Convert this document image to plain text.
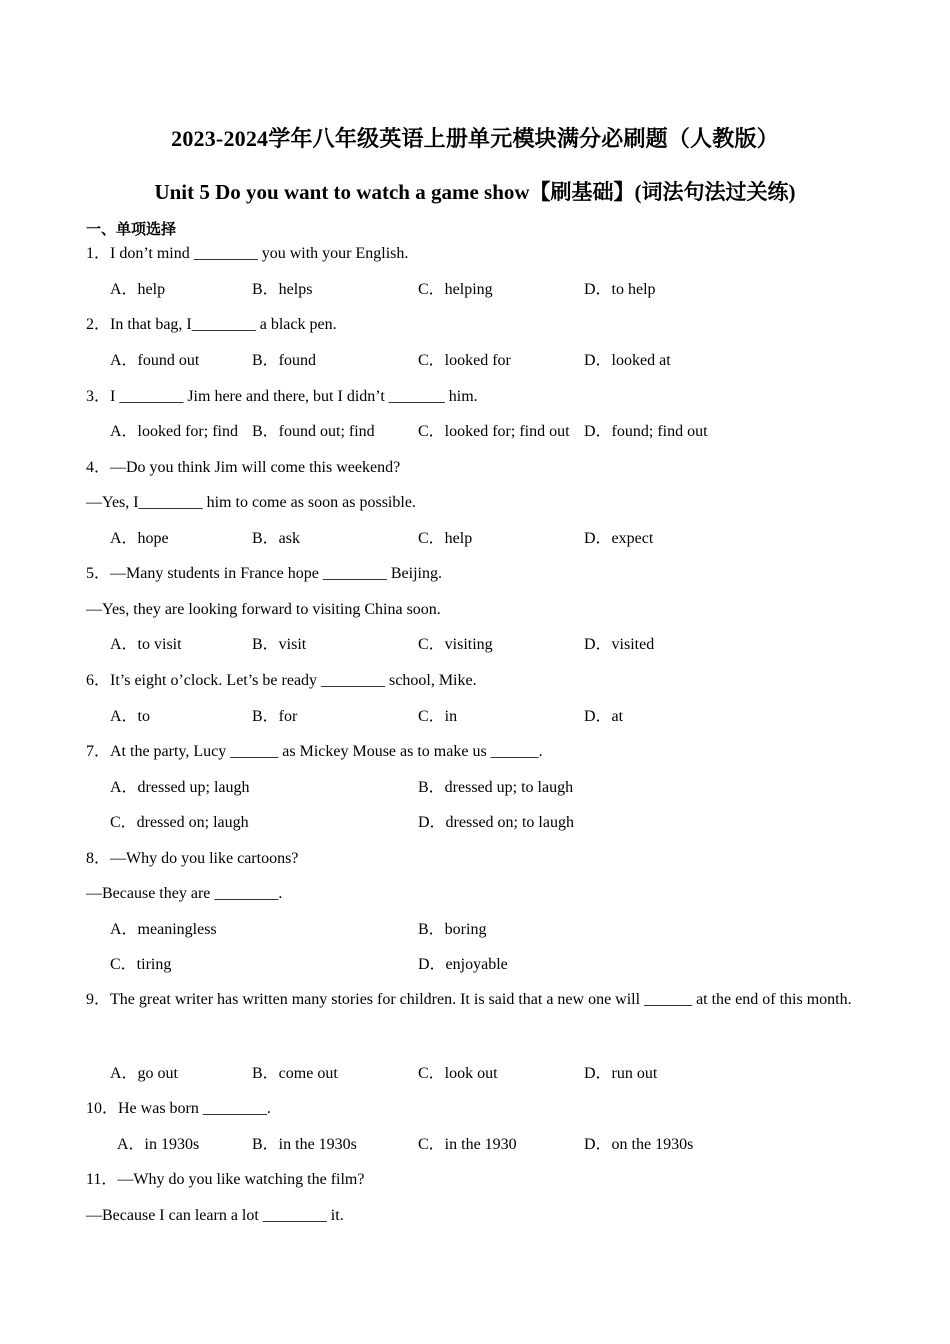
2023-2024学年八年级英语上册单元模块满分必刷题（人教版）
Unit 5 Do you want to watch a game show【刷基础】(词法句法过关练)
一、单项选择
1．I don’t mind ________ you with your English.
A．help	B．helps	C．helping	D．to help
2．In that bag, I________ a black pen.
A．found out	B．found	C．looked for	D．looked at
3．I ________ Jim here and there, but I didn’t _______ him.
A．looked for; find B．found out; find	C．looked for; find out D．found; find out
4．—Do you think Jim will come this weekend?
—Yes, I________ him to come as soon as possible.
A．hope	B．ask	C．help	D．expect
5．—Many students in France hope ________ Beijing.
—Yes, they are looking forward to visiting China soon.
A．to visit	B．visit	C．visiting	D．visited
6．It’s eight o’clock. Let’s be ready ________ school, Mike.
A．to	B．for	C．in	D．at
7．At the party, Lucy ______ as Mickey Mouse as to make us ______.
A．dressed up; laugh	B．dressed up; to laugh
C．dressed on; laugh	D．dressed on; to laugh
8．—Why do you like cartoons?
—Because they are ________.
A．meaningless	B．boring
C．tiring	D．enjoyable
9．The great writer has written many stories for children. It is said that a new one will ______ at the end of this month.
A．go out	B．come out	C．look out	D．run out
10．He was born ________.
A．in 1930s	B．in the 1930s	C．in the 1930	D．on the 1930s
11．—Why do you like watching the film?
—Because I can learn a lot ________ it.
